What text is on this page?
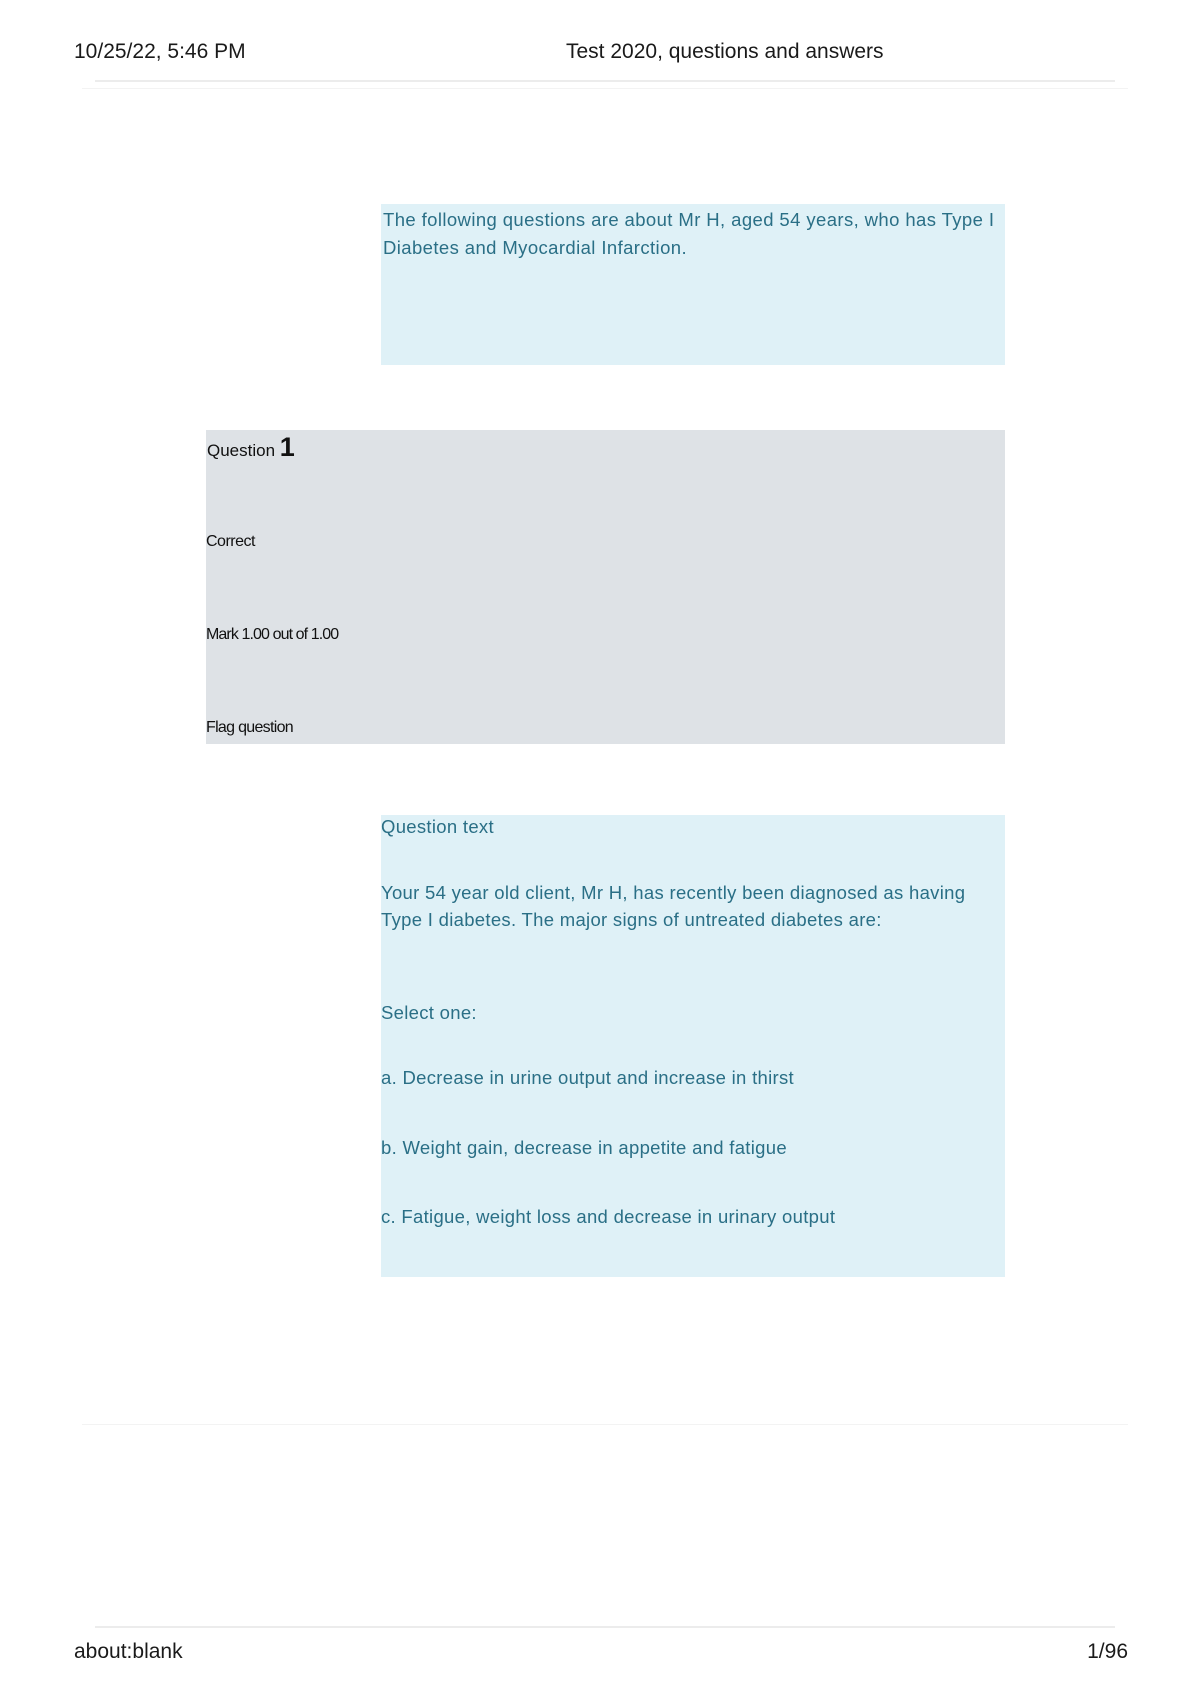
10/25/22, 5:46 PM	Test 2020, questions and answers
The following questions are about Mr H, aged 54 years, who has Type I Diabetes and Myocardial Infarction.
Question 1
Correct
Mark 1.00 out of 1.00
Flag question
Question text
Your 54 year old client, Mr H, has recently been diagnosed as having Type I diabetes. The major signs of untreated diabetes are:
Select one:
a. Decrease in urine output and increase in thirst
b. Weight gain, decrease in appetite and fatigue
c. Fatigue, weight loss and decrease in urinary output
about:blank	1/96
